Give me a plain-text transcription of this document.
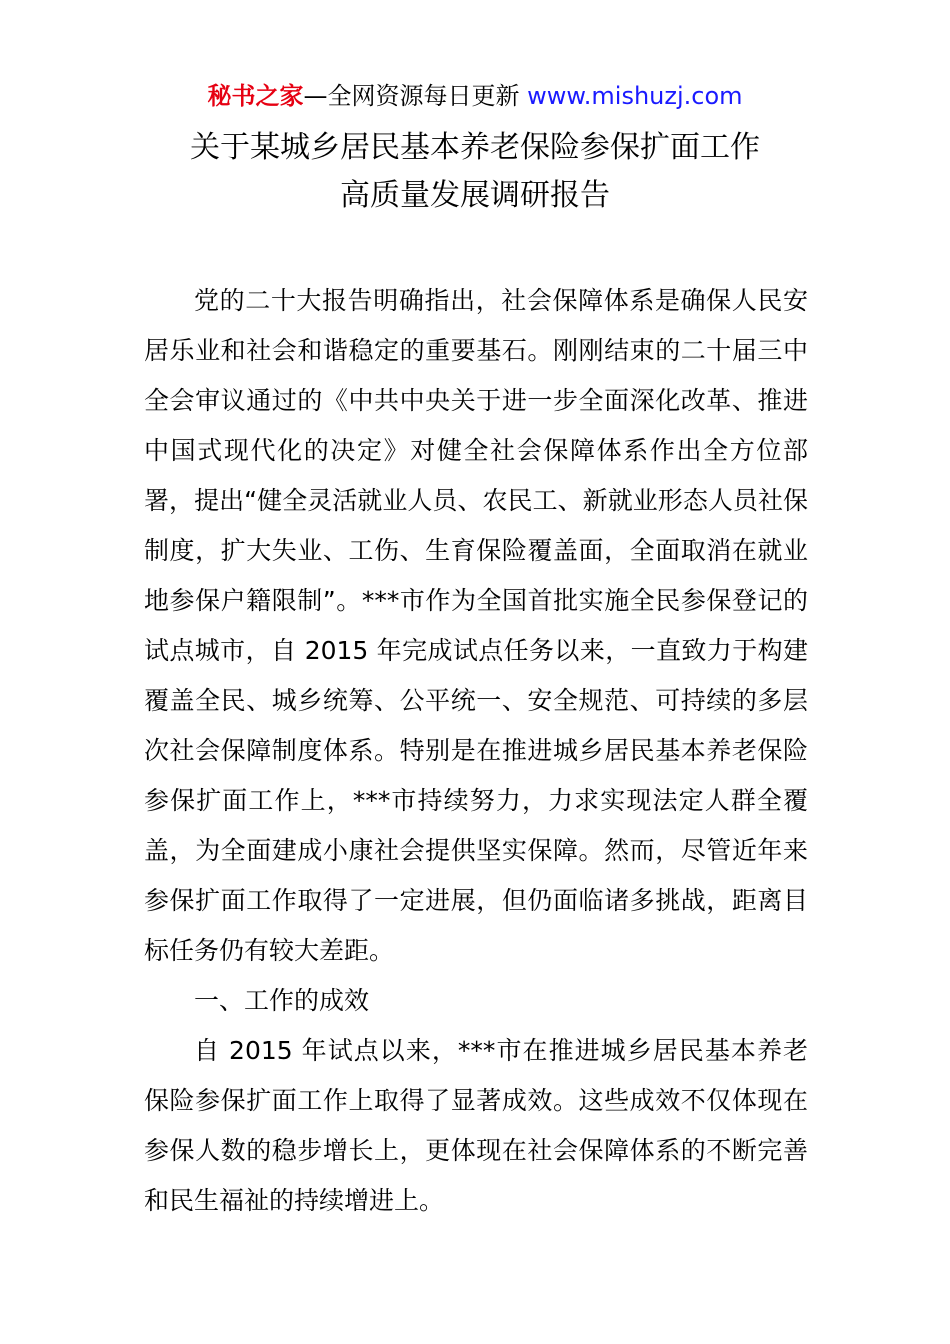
秘书之家—全网资源每日更新 www.mishuzj.com
关于某城乡居民基本养老保险参保扩面工作
高质量发展调研报告

党的二十大报告明确指出，社会保障体系是确保人民安居乐业和社会和谐稳定的重要基石。刚刚结束的二十届三中全会审议通过的《中共中央关于进一步全面深化改革、推进中国式现代化的决定》对健全社会保障体系作出全方位部署，提出“健全灵活就业人员、农民工、新就业形态人员社保制度，扩大失业、工伤、生育保险覆盖面，全面取消在就业地参保户籍限制”。***市作为全国首批实施全民参保登记的试点城市，自 2015 年完成试点任务以来，一直致力于构建覆盖全民、城乡统筹、公平统一、安全规范、可持续的多层次社会保障制度体系。特别是在推进城乡居民基本养老保险参保扩面工作上，***市持续努力，力求实现法定人群全覆盖，为全面建成小康社会提供坚实保障。然而，尽管近年来参保扩面工作取得了一定进展，但仍面临诸多挑战，距离目标任务仍有较大差距。

一、工作的成效

自 2015 年试点以来，***市在推进城乡居民基本养老保险参保扩面工作上取得了显著成效。这些成效不仅体现在参保人数的稳步增长上，更体现在社会保障体系的不断完善和民生福祉的持续增进上。
